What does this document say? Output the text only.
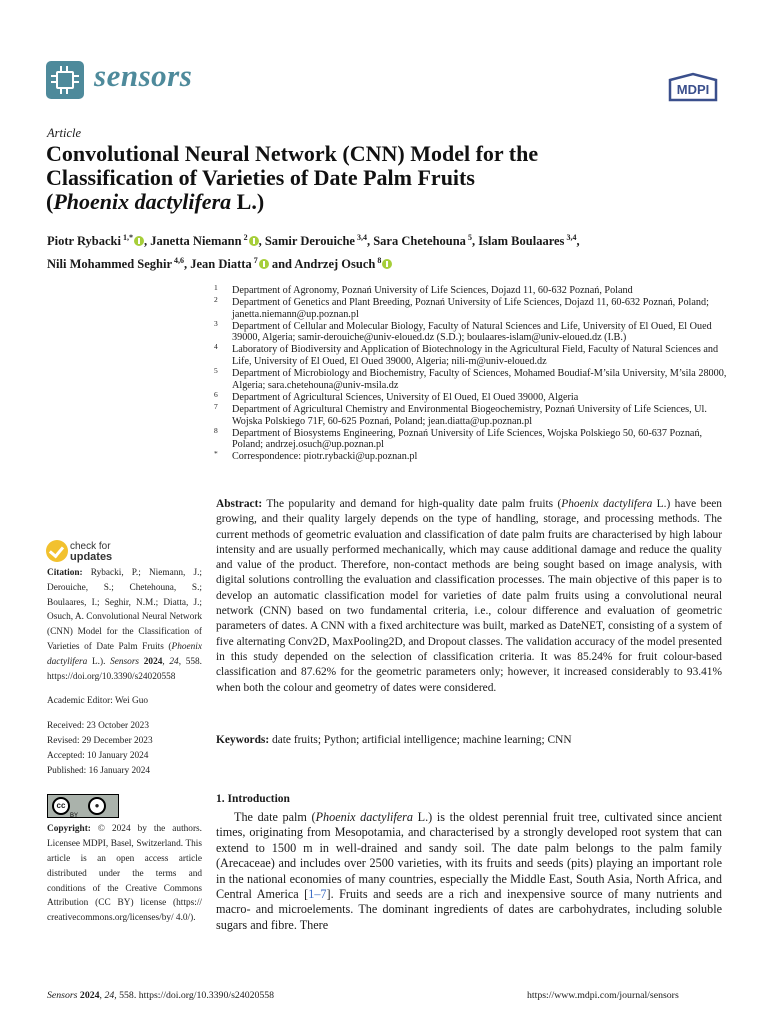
sensors	MDPI
Article
Convolutional Neural Network (CNN) Model for the
Classification of Varieties of Date Palm Fruits
(Phoenix dactylifera L.)
Piotr Rybacki $^{1,*}$ , Janetta Niemann $^2$ , Samir Derouiche $^{3,4}$, Sara Chetehouna $^5$, Islam Boulaares $^{3,4}$,
Nili Mohammed Seghir $^{4,6}$, Jean Diatta $^7$ and Andrzej Osuch $^8$
1 Department of Agronomy, Poznań University of Life Sciences, Dojazd 11, 60-632 Poznań, Poland
2 Department of Genetics and Plant Breeding, Poznań University of Life Sciences, Dojazd 11, 60-632 Poznań, Poland; janetta.niemann@up.poznan.pl
3 Department of Cellular and Molecular Biology, Faculty of Natural Sciences and Life, University of El Oued, El Oued 39000, Algeria; samir-derouiche@univ-eloued.dz (S.D.); boulaares-islam@univ-eloued.dz (I.B.)
4 Laboratory of Biodiversity and Application of Biotechnology in the Agricultural Field, Faculty of Natural Sciences and Life, University of El Oued, El Oued 39000, Algeria; nili-m@univ-eloued.dz
5 Department of Microbiology and Biochemistry, Faculty of Sciences, Mohamed Boudiaf-M’sila University, M’sila 28000, Algeria; sara.chetehouna@univ-msila.dz
6 Department of Agricultural Sciences, University of El Oued, El Oued 39000, Algeria
7 Department of Agricultural Chemistry and Environmental Biogeochemistry, Poznań University of Life Sciences, Ul. Wojska Polskiego 71F, 60-625 Poznań, Poland; jean.diatta@up.poznan.pl
8 Department of Biosystems Engineering, Poznań University of Life Sciences, Wojska Polskiego 50, 60-637 Poznań, Poland; andrzej.osuch@up.poznan.pl
* Correspondence: piotr.rybacki@up.poznan.pl
check for
updates
Citation: Rybacki, P.; Niemann, J.; Derouiche, S.; Chetehouna, S.; Boulaares, I.; Seghir, N.M.; Diatta, J.; Osuch, A. Convolutional Neural Network (CNN) Model for the Classification of Varieties of Date Palm Fruits (Phoenix dactylifera L.). Sensors 2024, 24, 558. https://doi.org/10.3390/s24020558
Academic Editor: Wei Guo
Received: 23 October 2023
Revised: 29 December 2023
Accepted: 10 January 2024
Published: 16 January 2024
cc	●
BY
Copyright: © 2024 by the authors. Licensee MDPI, Basel, Switzerland. This article is an open access article distributed under the terms and conditions of the Creative Commons Attribution (CC BY) license (https:// creativecommons.org/licenses/by/ 4.0/).
Abstract: The popularity and demand for high-quality date palm fruits (Phoenix dactylifera L.) have been growing, and their quality largely depends on the type of handling, storage, and processing methods. The current methods of geometric evaluation and classification of date palm fruits are characterised by high labour intensity and are usually performed mechanically, which may cause additional damage and reduce the quality and value of the product. Therefore, non-contact methods are being sought based on image analysis, with digital solutions controlling the evaluation and classification processes. The main objective of this paper is to develop an automatic classification model for varieties of date palm fruits using a convolutional neural network (CNN) based on two fundamental criteria, i.e., colour difference and evaluation of geometric parameters of dates. A CNN with a fixed architecture was built, marked as DateNET, consisting of a system of five alternating Conv2D, MaxPooling2D, and Dropout classes. The validation accuracy of the model presented in this study depended on the selection of classification criteria. It was 85.24% for fruit colour-based classification and 87.62% for the geometric parameters only; however, it increased considerably to 93.41% when both the colour and geometry of dates were considered.
Keywords: date fruits; Python; artificial intelligence; machine learning; CNN
1. Introduction
The date palm (Phoenix dactylifera L.) is the oldest perennial fruit tree, cultivated since ancient times, originating from Mesopotamia, and characterised by a strongly developed root system that can extend to 1500 m in well-drained and sandy soil. The date palm belongs to the palm family (Arecaceae) and includes over 2500 varieties, with its fruits and seeds (pits) playing an important role in the national economies of many countries, especially the Middle East, South Asia, North Africa, and Central America [1–7]. Fruits and seeds are a rich and inexpensive source of many nutrients and macro- and microelements. The dominant ingredients of dates are carbohydrates, including soluble sugars and fibre. There
Sensors 2024, 24, 558. https://doi.org/10.3390/s24020558	https://www.mdpi.com/journal/sensors
